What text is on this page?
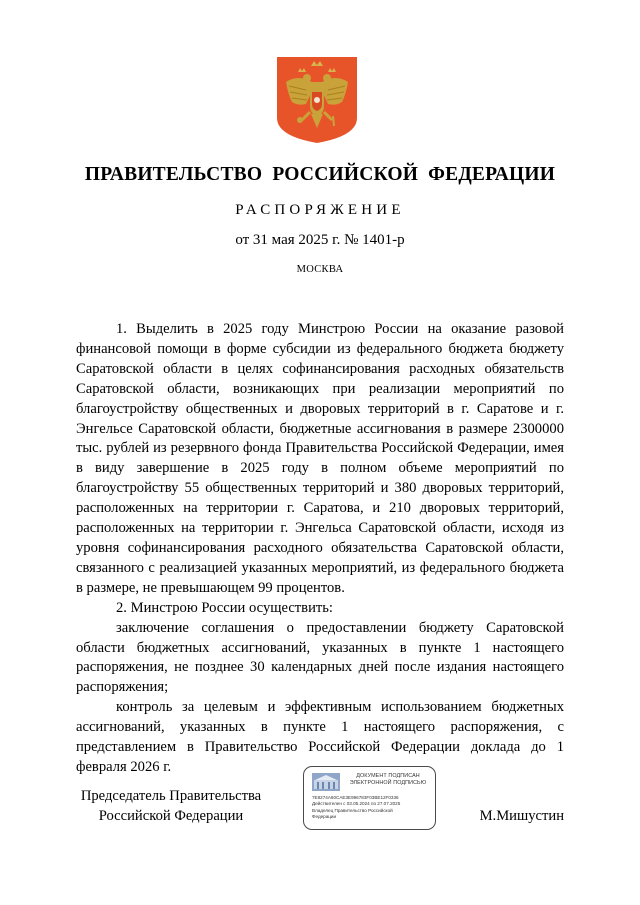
ПРАВИТЕЛЬСТВО РОССИЙСКОЙ ФЕДЕРАЦИИ
РАСПОРЯЖЕНИЕ
от 31 мая 2025 г. № 1401-р
МОСКВА

1. Выделить в 2025 году Минстрою России на оказание разовой финансовой помощи в форме субсидии из федерального бюджета бюджету Саратовской области в целях софинансирования расходных обязательств Саратовской области, возникающих при реализации мероприятий по благоустройству общественных и дворовых территорий в г. Саратове и г. Энгельсе Саратовской области, бюджетные ассигнования в размере 2300000 тыс. рублей из резервного фонда Правительства Российской Федерации, имея в виду завершение в 2025 году в полном объеме мероприятий по благоустройству 55 общественных территорий и 380 дворовых территорий, расположенных на территории г. Саратова, и 210 дворовых территорий, расположенных на территории г. Энгельса Саратовской области, исходя из уровня софинансирования расходного обязательства Саратовской области, связанного с реализацией указанных мероприятий, из федерального бюджета в размере, не превышающем 99 процентов.

2. Минстрою России осуществить:

заключение соглашения о предоставлении бюджету Саратовской области бюджетных ассигнований, указанных в пункте 1 настоящего распоряжения, не позднее 30 календарных дней после издания настоящего распоряжения;

контроль за целевым и эффективным использованием бюджетных ассигнований, указанных в пункте 1 настоящего распоряжения, с представлением в Правительство Российской Федерации доклада до 1 февраля 2026 г.

Председатель Правительства
Российской Федерации
ДОКУМЕНТ ПОДПИСАН
ЭЛЕКТРОННОЙ ПОДПИСЬЮ
7E8274A60CAE3E996783F03BE12F0336
Действителен с 03.05.2024 по 27.07.2025
Владелец Правительство Российской
Федерации	М.Мишустин
